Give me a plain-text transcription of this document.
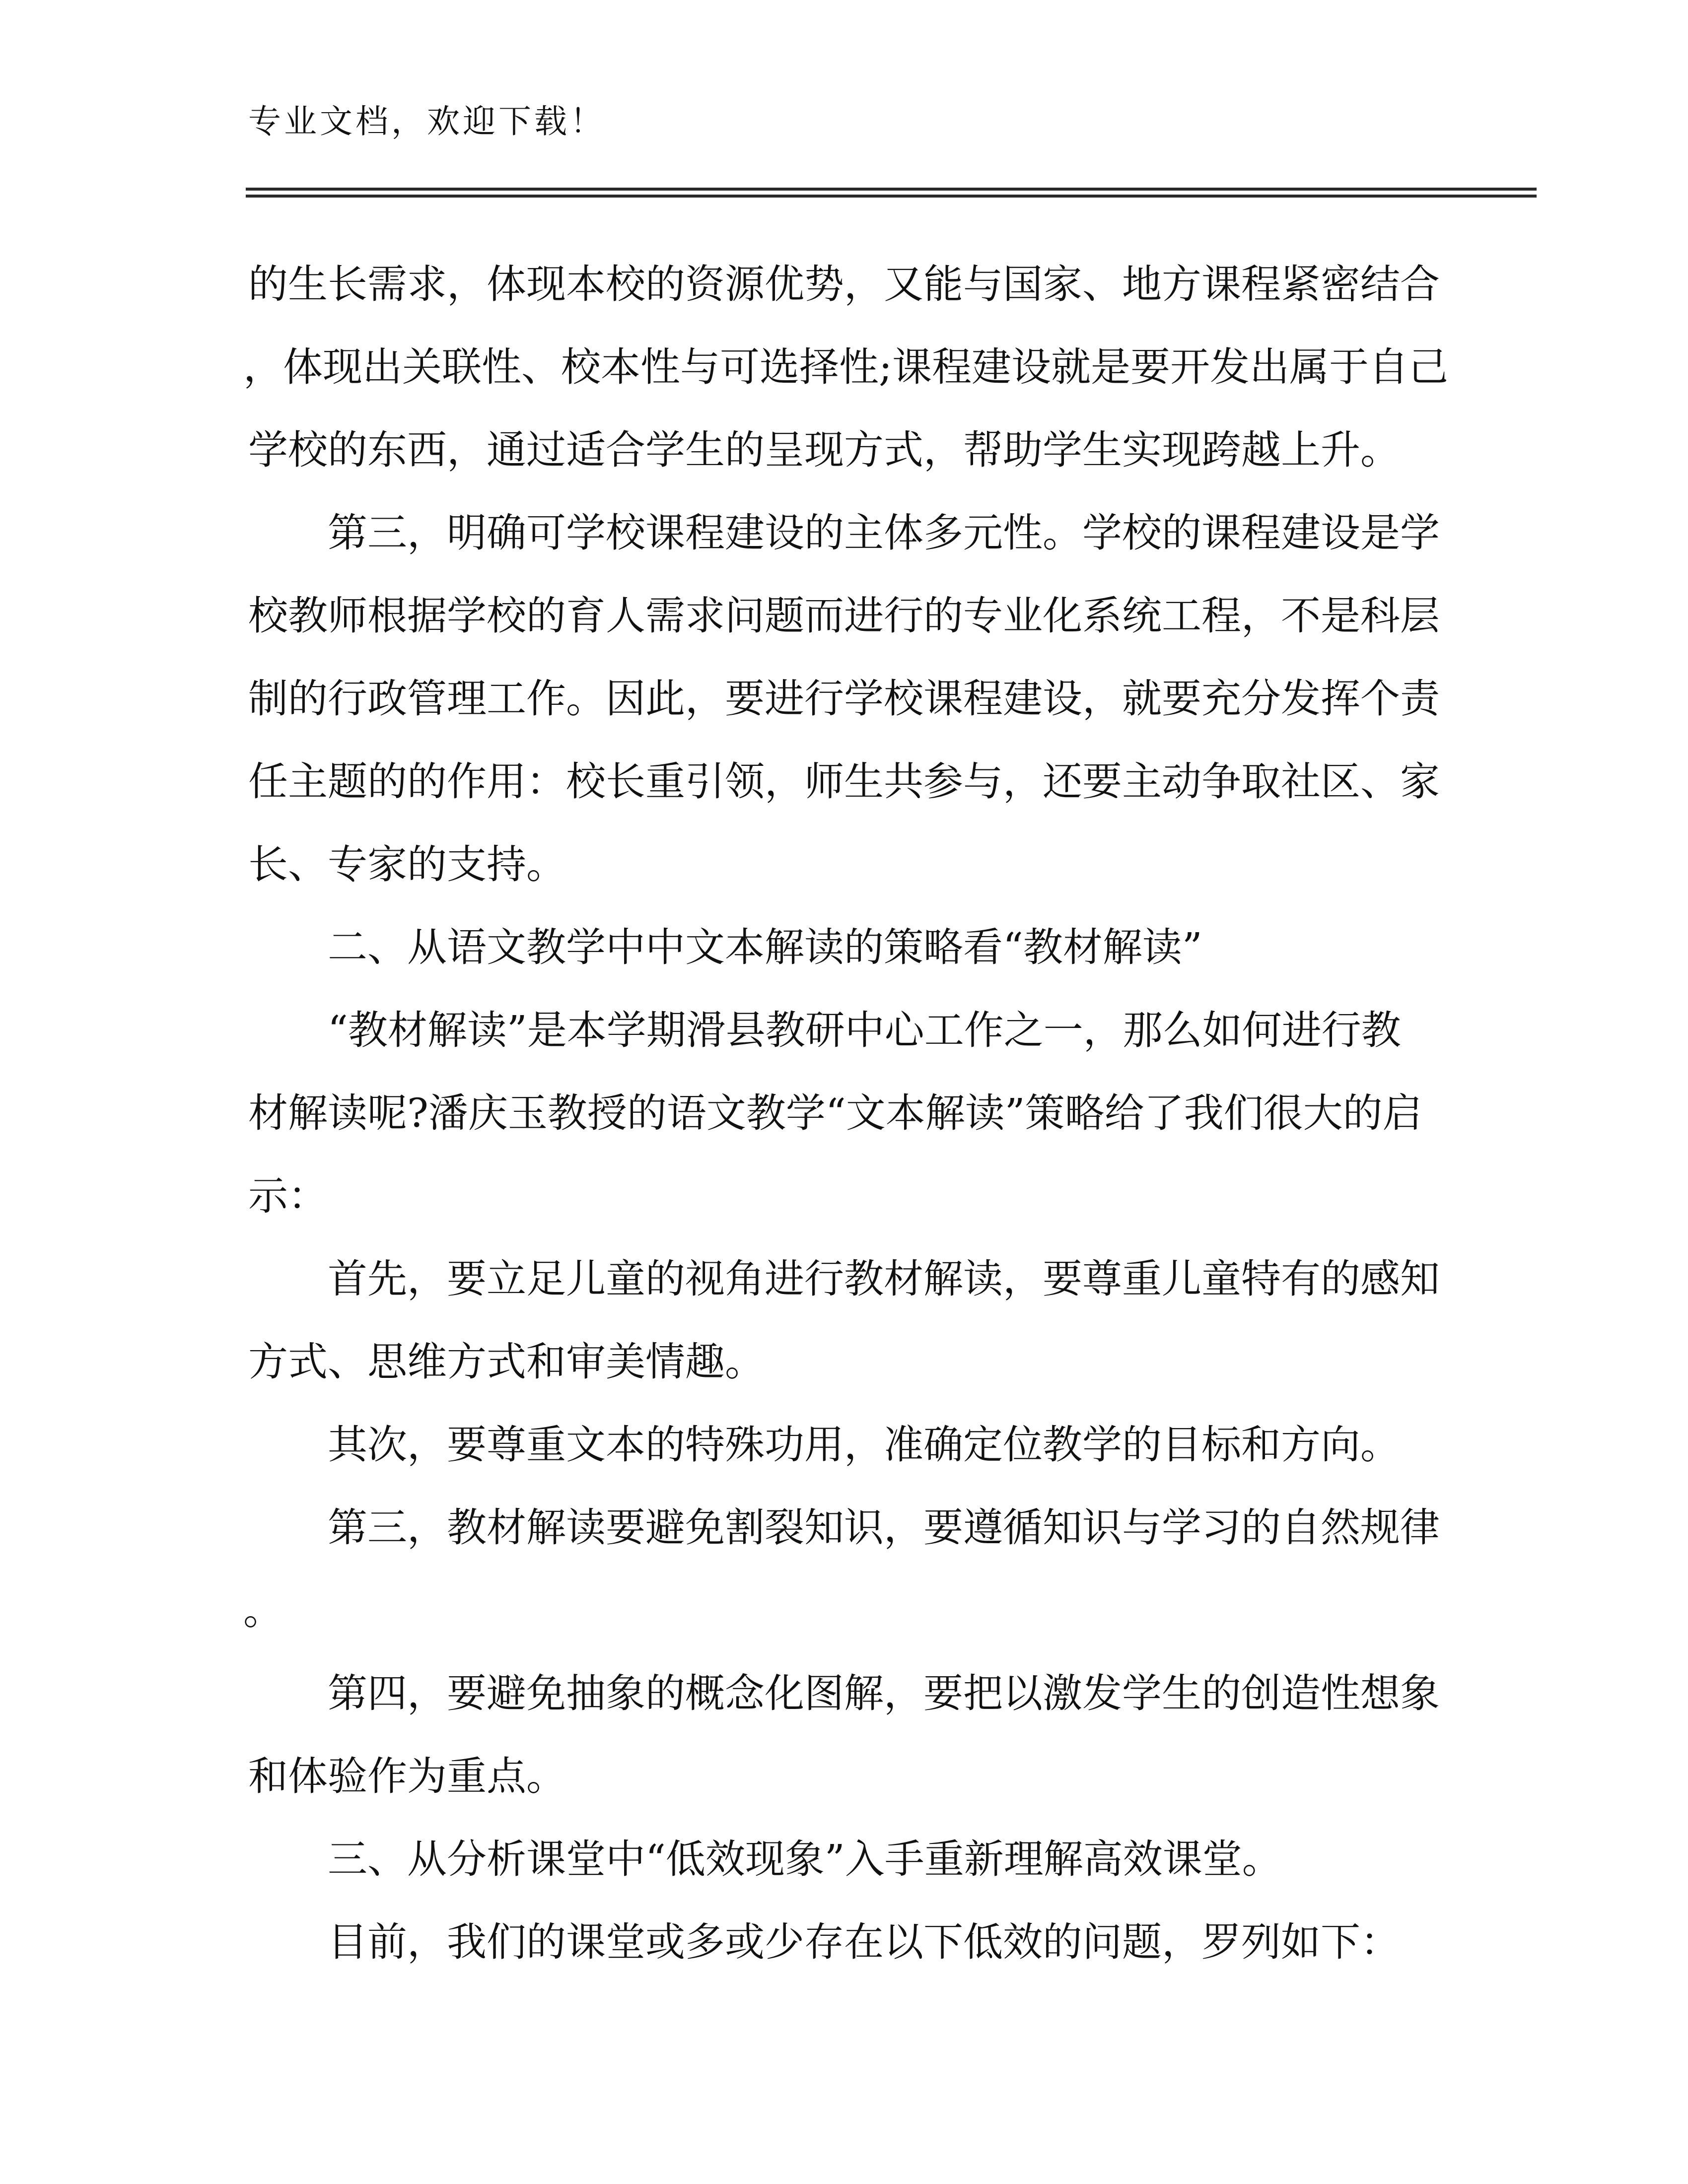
专业文档，欢迎下载！
的生长需求，体现本校的资源优势，又能与国家、地方课程紧密结合
，体现出关联性、校本性与可选择性;课程建设就是要开发出属于自己
学校的东西，通过适合学生的呈现方式，帮助学生实现跨越上升。
第三，明确可学校课程建设的主体多元性。学校的课程建设是学
校教师根据学校的育人需求问题而进行的专业化系统工程，不是科层
制的行政管理工作。因此，要进行学校课程建设，就要充分发挥个责
任主题的的作用：校长重引领，师生共参与，还要主动争取社区、家
长、专家的支持。
二、从语文教学中中文本解读的策略看“教材解读”
“教材解读”是本学期滑县教研中心工作之一，那么如何进行教
材解读呢?潘庆玉教授的语文教学“文本解读”策略给了我们很大的启
示：
首先，要立足儿童的视角进行教材解读，要尊重儿童特有的感知
方式、思维方式和审美情趣。
其次，要尊重文本的特殊功用，准确定位教学的目标和方向。
第三，教材解读要避免割裂知识，要遵循知识与学习的自然规律
。
第四，要避免抽象的概念化图解，要把以激发学生的创造性想象
和体验作为重点。
三、从分析课堂中“低效现象”入手重新理解高效课堂。
目前，我们的课堂或多或少存在以下低效的问题，罗列如下：
